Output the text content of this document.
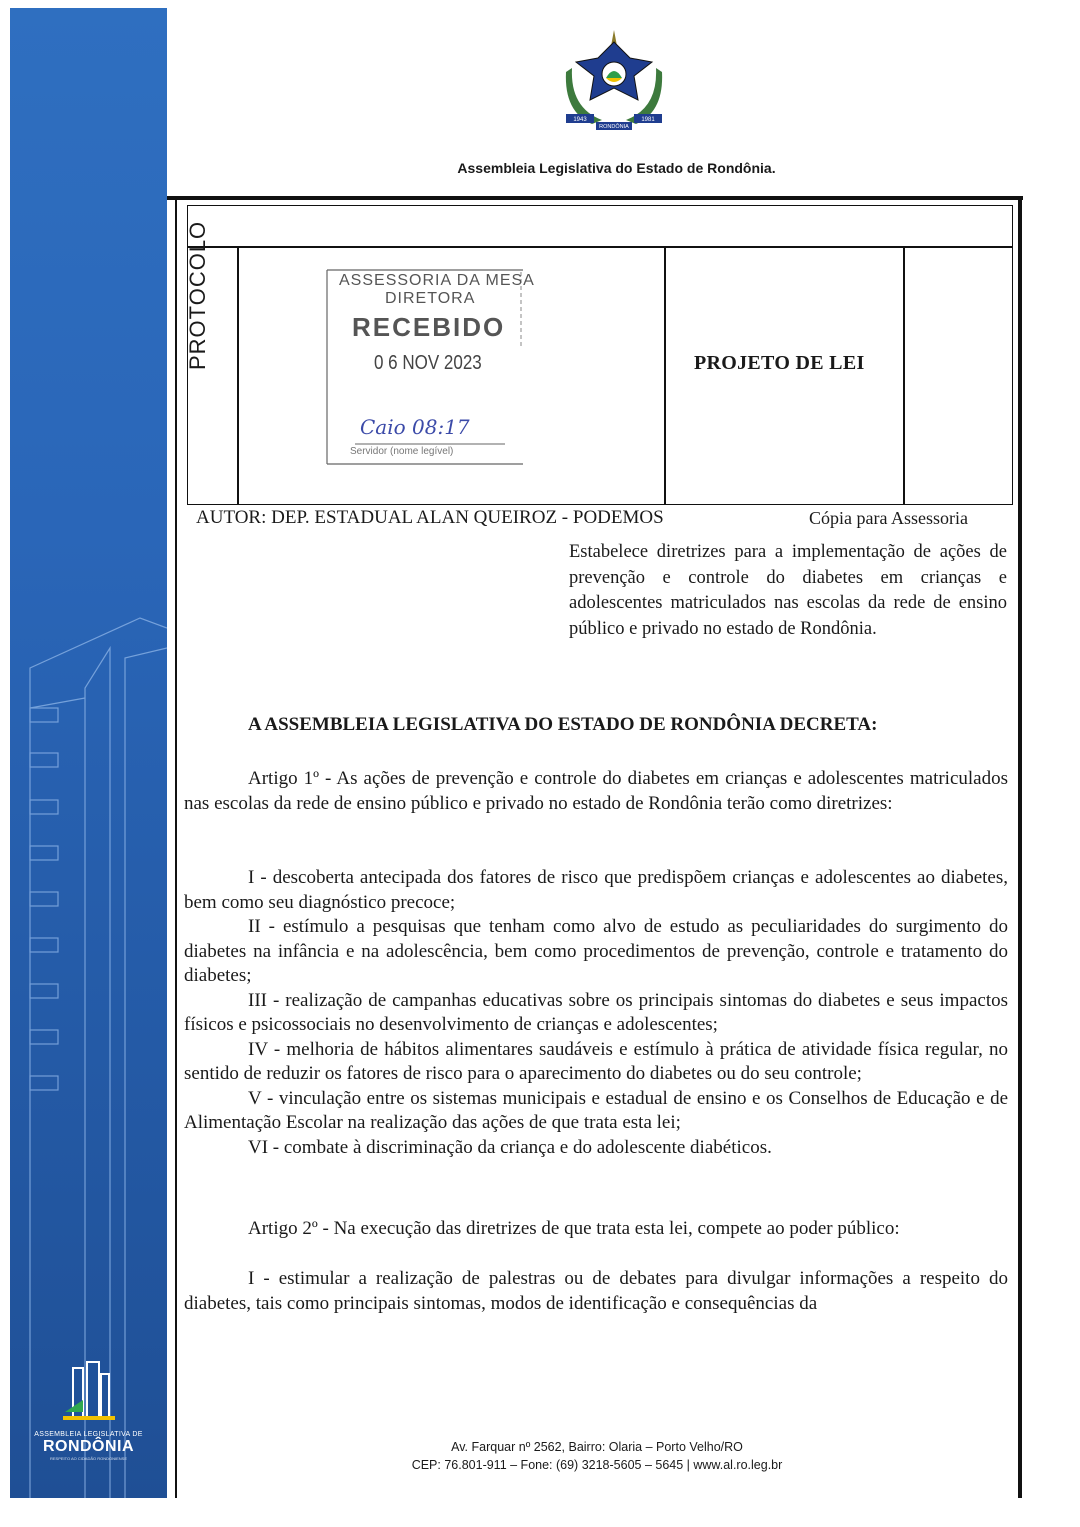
ASSEMBLEIA LEGISLATIVA DE
RONDÔNIA
RESPEITO AO CIDADÃO RONDONIENSE
1943	1981
RONDÔNIA
Assembleia Legislativa do Estado de Rondônia.
PROTOCOLO	ASSESSORIA DA MESA
DIRETORA
RECEBIDO
0 6 NOV 2023
Caio 08:17
Servidor (nome legível)
PROJETO DE LEI
AUTOR: DEP. ESTADUAL ALAN QUEIROZ - PODEMOS	Cópia para Assessoria
Estabelece diretrizes para a implementação de ações de prevenção e controle do diabetes em crianças e adolescentes matriculados nas escolas da rede de ensino público e privado no estado de Rondônia.
A ASSEMBLEIA LEGISLATIVA DO ESTADO DE RONDÔNIA DECRETA:

Artigo 1º - As ações de prevenção e controle do diabetes em crianças e adolescentes matriculados nas escolas da rede de ensino público e privado no estado de Rondônia terão como diretrizes:

I - descoberta antecipada dos fatores de risco que predispõem crianças e adolescentes ao diabetes, bem como seu diagnóstico precoce;

II - estímulo a pesquisas que tenham como alvo de estudo as peculiaridades do surgimento do diabetes na infância e na adolescência, bem como procedimentos de prevenção, controle e tratamento do diabetes;

III - realização de campanhas educativas sobre os principais sintomas do diabetes e seus impactos físicos e psicossociais no desenvolvimento de crianças e adolescentes;

IV - melhoria de hábitos alimentares saudáveis e estímulo à prática de atividade física regular, no sentido de reduzir os fatores de risco para o aparecimento do diabetes ou do seu controle;

V - vinculação entre os sistemas municipais e estadual de ensino e os Conselhos de Educação e de Alimentação Escolar na realização das ações de que trata esta lei;

VI - combate à discriminação da criança e do adolescente diabéticos.

Artigo 2º - Na execução das diretrizes de que trata esta lei, compete ao poder público:

I - estimular a realização de palestras ou de debates para divulgar informações a respeito do diabetes, tais como principais sintomas, modos de identificação e consequências da

Av. Farquar nº 2562, Bairro: Olaria – Porto Velho/RO
CEP: 76.801-911 – Fone: (69) 3218-5605 – 5645 | www.al.ro.leg.br
